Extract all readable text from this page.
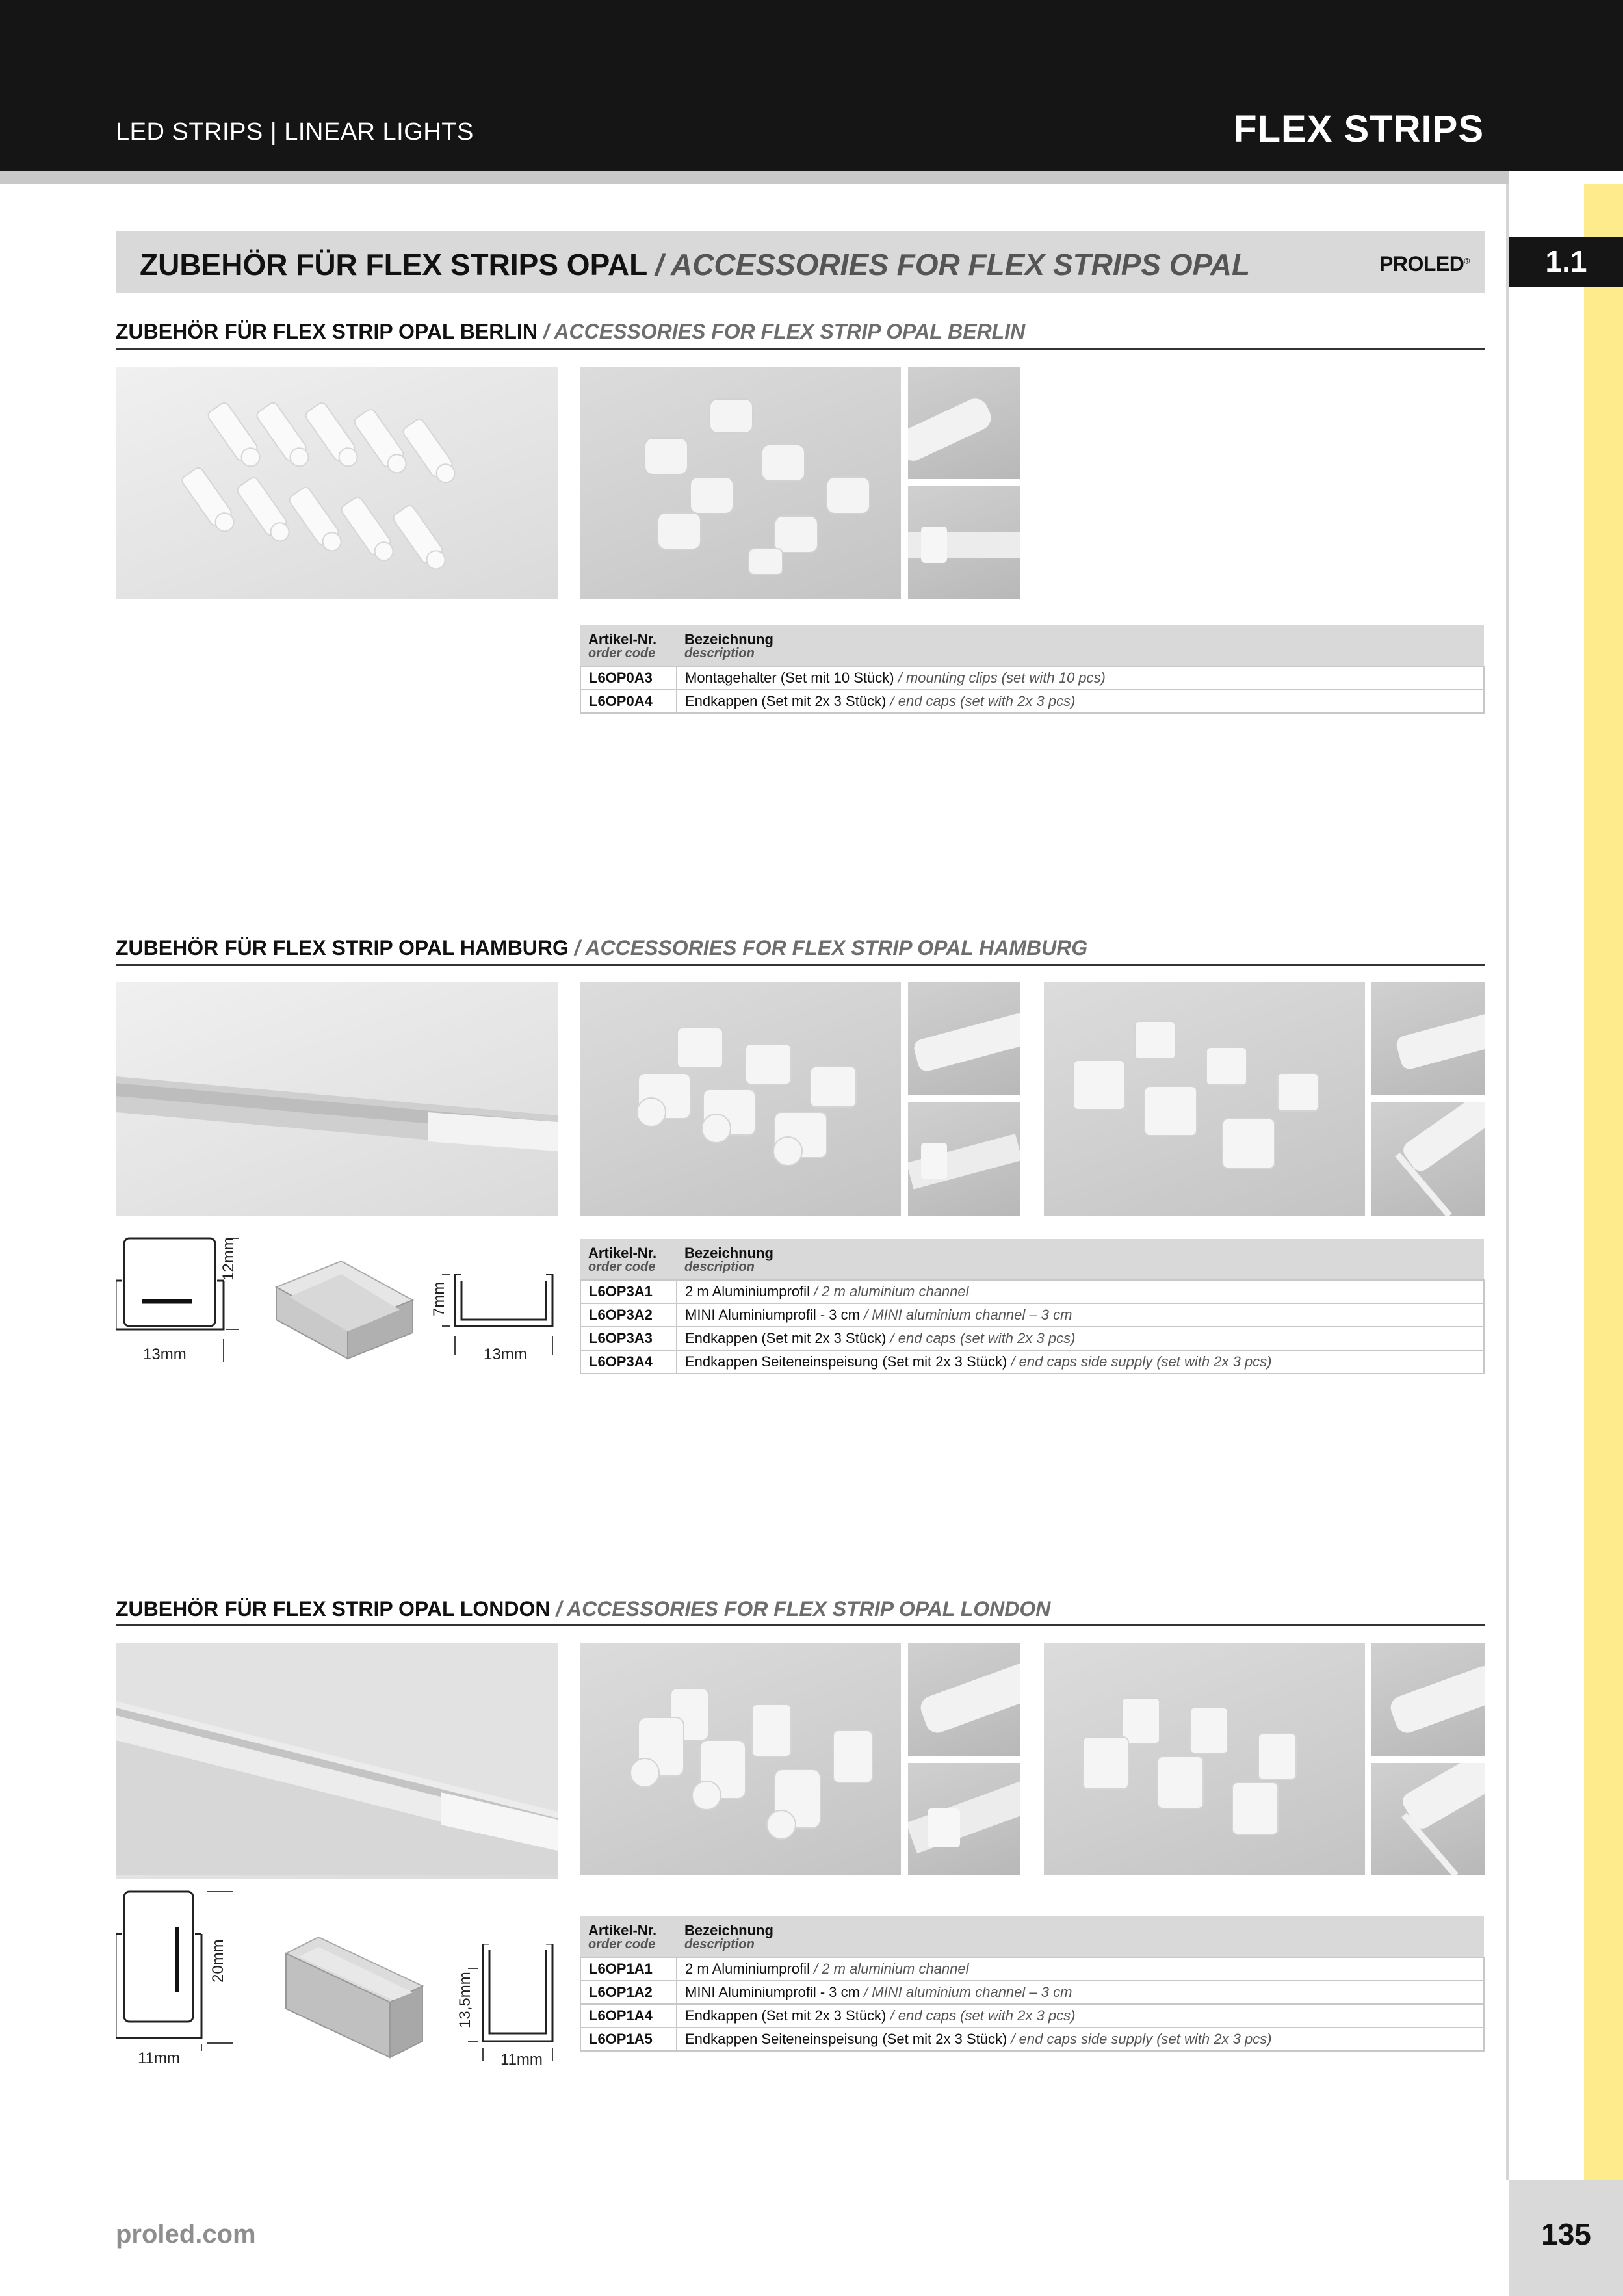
LED STRIPS | LINEAR LIGHTS	FLEX STRIPS
1.1
ZUBEHÖR FÜR FLEX STRIPS OPAL / ACCESSORIES FOR FLEX STRIPS OPAL	PROLED®
ZUBEHÖR FÜR FLEX STRIP OPAL BERLIN / ACCESSORIES FOR FLEX STRIP OPAL BERLIN
Artikel-Nr.
order code	Bezeichnung
description

L6OP0A3	Montagehalter (Set mit 10 Stück) / mounting clips (set with 10 pcs)
L6OP0A4	Endkappen (Set mit 2x 3 Stück) / end caps (set with 2x 3 pcs)
ZUBEHÖR FÜR FLEX STRIP OPAL HAMBURG / ACCESSORIES FOR FLEX STRIP OPAL HAMBURG
13mm
12mm
7mm
13mm
Artikel-Nr.
order code	Bezeichnung
description

L6OP3A1	2 m Aluminiumprofil / 2 m aluminium channel
L6OP3A2	MINI Aluminiumprofil - 3 cm / MINI aluminium channel – 3 cm
L6OP3A3	Endkappen (Set mit 2x 3 Stück) / end caps (set with 2x 3 pcs)
L6OP3A4	Endkappen Seiteneinspeisung (Set mit 2x 3 Stück) / end caps side supply (set with 2x 3 pcs)
ZUBEHÖR FÜR FLEX STRIP OPAL LONDON / ACCESSORIES FOR FLEX STRIP OPAL LONDON
11mm
20mm
13,5mm
11mm
Artikel-Nr.
order code	Bezeichnung
description

L6OP1A1	2 m Aluminiumprofil / 2 m aluminium channel
L6OP1A2	MINI Aluminiumprofil - 3 cm / MINI aluminium channel – 3 cm
L6OP1A4	Endkappen (Set mit 2x 3 Stück) / end caps (set with 2x 3 pcs)
L6OP1A5	Endkappen Seiteneinspeisung (Set mit 2x 3 Stück) / end caps side supply (set with 2x 3 pcs)
proled.com	135
